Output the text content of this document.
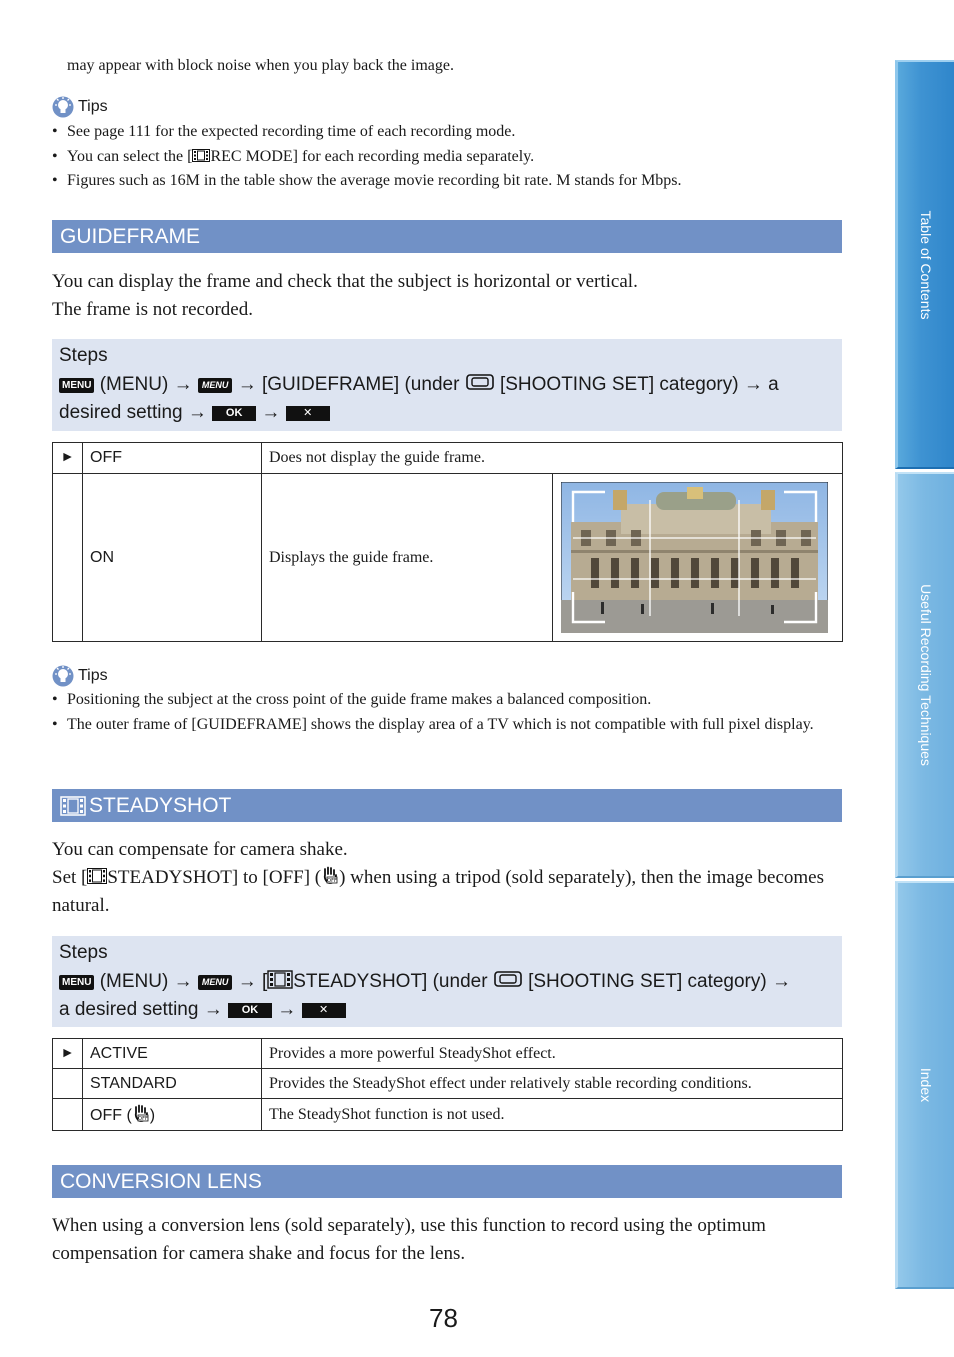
may appear with block noise when you play back the image.
Tips
• See page 111 for the expected recording time of each recording mode.
• You can select the [ REC MODE] for each recording media separately.
• Figures such as 16M in the table show the average movie recording bit rate. M stands for Mbps.
GUIDEFRAME
You can display the frame and check that the subject is horizontal or vertical.
The frame is not recorded.
Steps
MENU (MENU) → MENU → [GUIDEFRAME] (under [SHOOTING SET] category) → a
desired setting → OK → ✕
►	OFF	Does not display the guide frame.	
	ON	Displays the guide frame.	
Tips
• Positioning the subject at the cross point of the guide frame makes a balanced composition.
• The outer frame of [GUIDEFRAME] shows the display area of a TV which is not compatible with full pixel display.
STEADYSHOT
You can compensate for camera shake.
Set [ STEADYSHOT] to [OFF] ( OFF ) when using a tripod (sold separately), then the image becomes natural.
Steps
MENU (MENU) → MENU → [ STEADYSHOT] (under [SHOOTING SET] category) →
a desired setting → OK → ✕
►	ACTIVE	Provides a more powerful SteadyShot effect.
	STANDARD	Provides the SteadyShot effect under relatively stable recording conditions.
	OFF ( OFF )	The SteadyShot function is not used.
CONVERSION LENS
When using a conversion lens (sold separately), use this function to record using the optimum compensation for camera shake and focus for the lens.
78
Table of Contents
Useful Recording Techniques
Index
